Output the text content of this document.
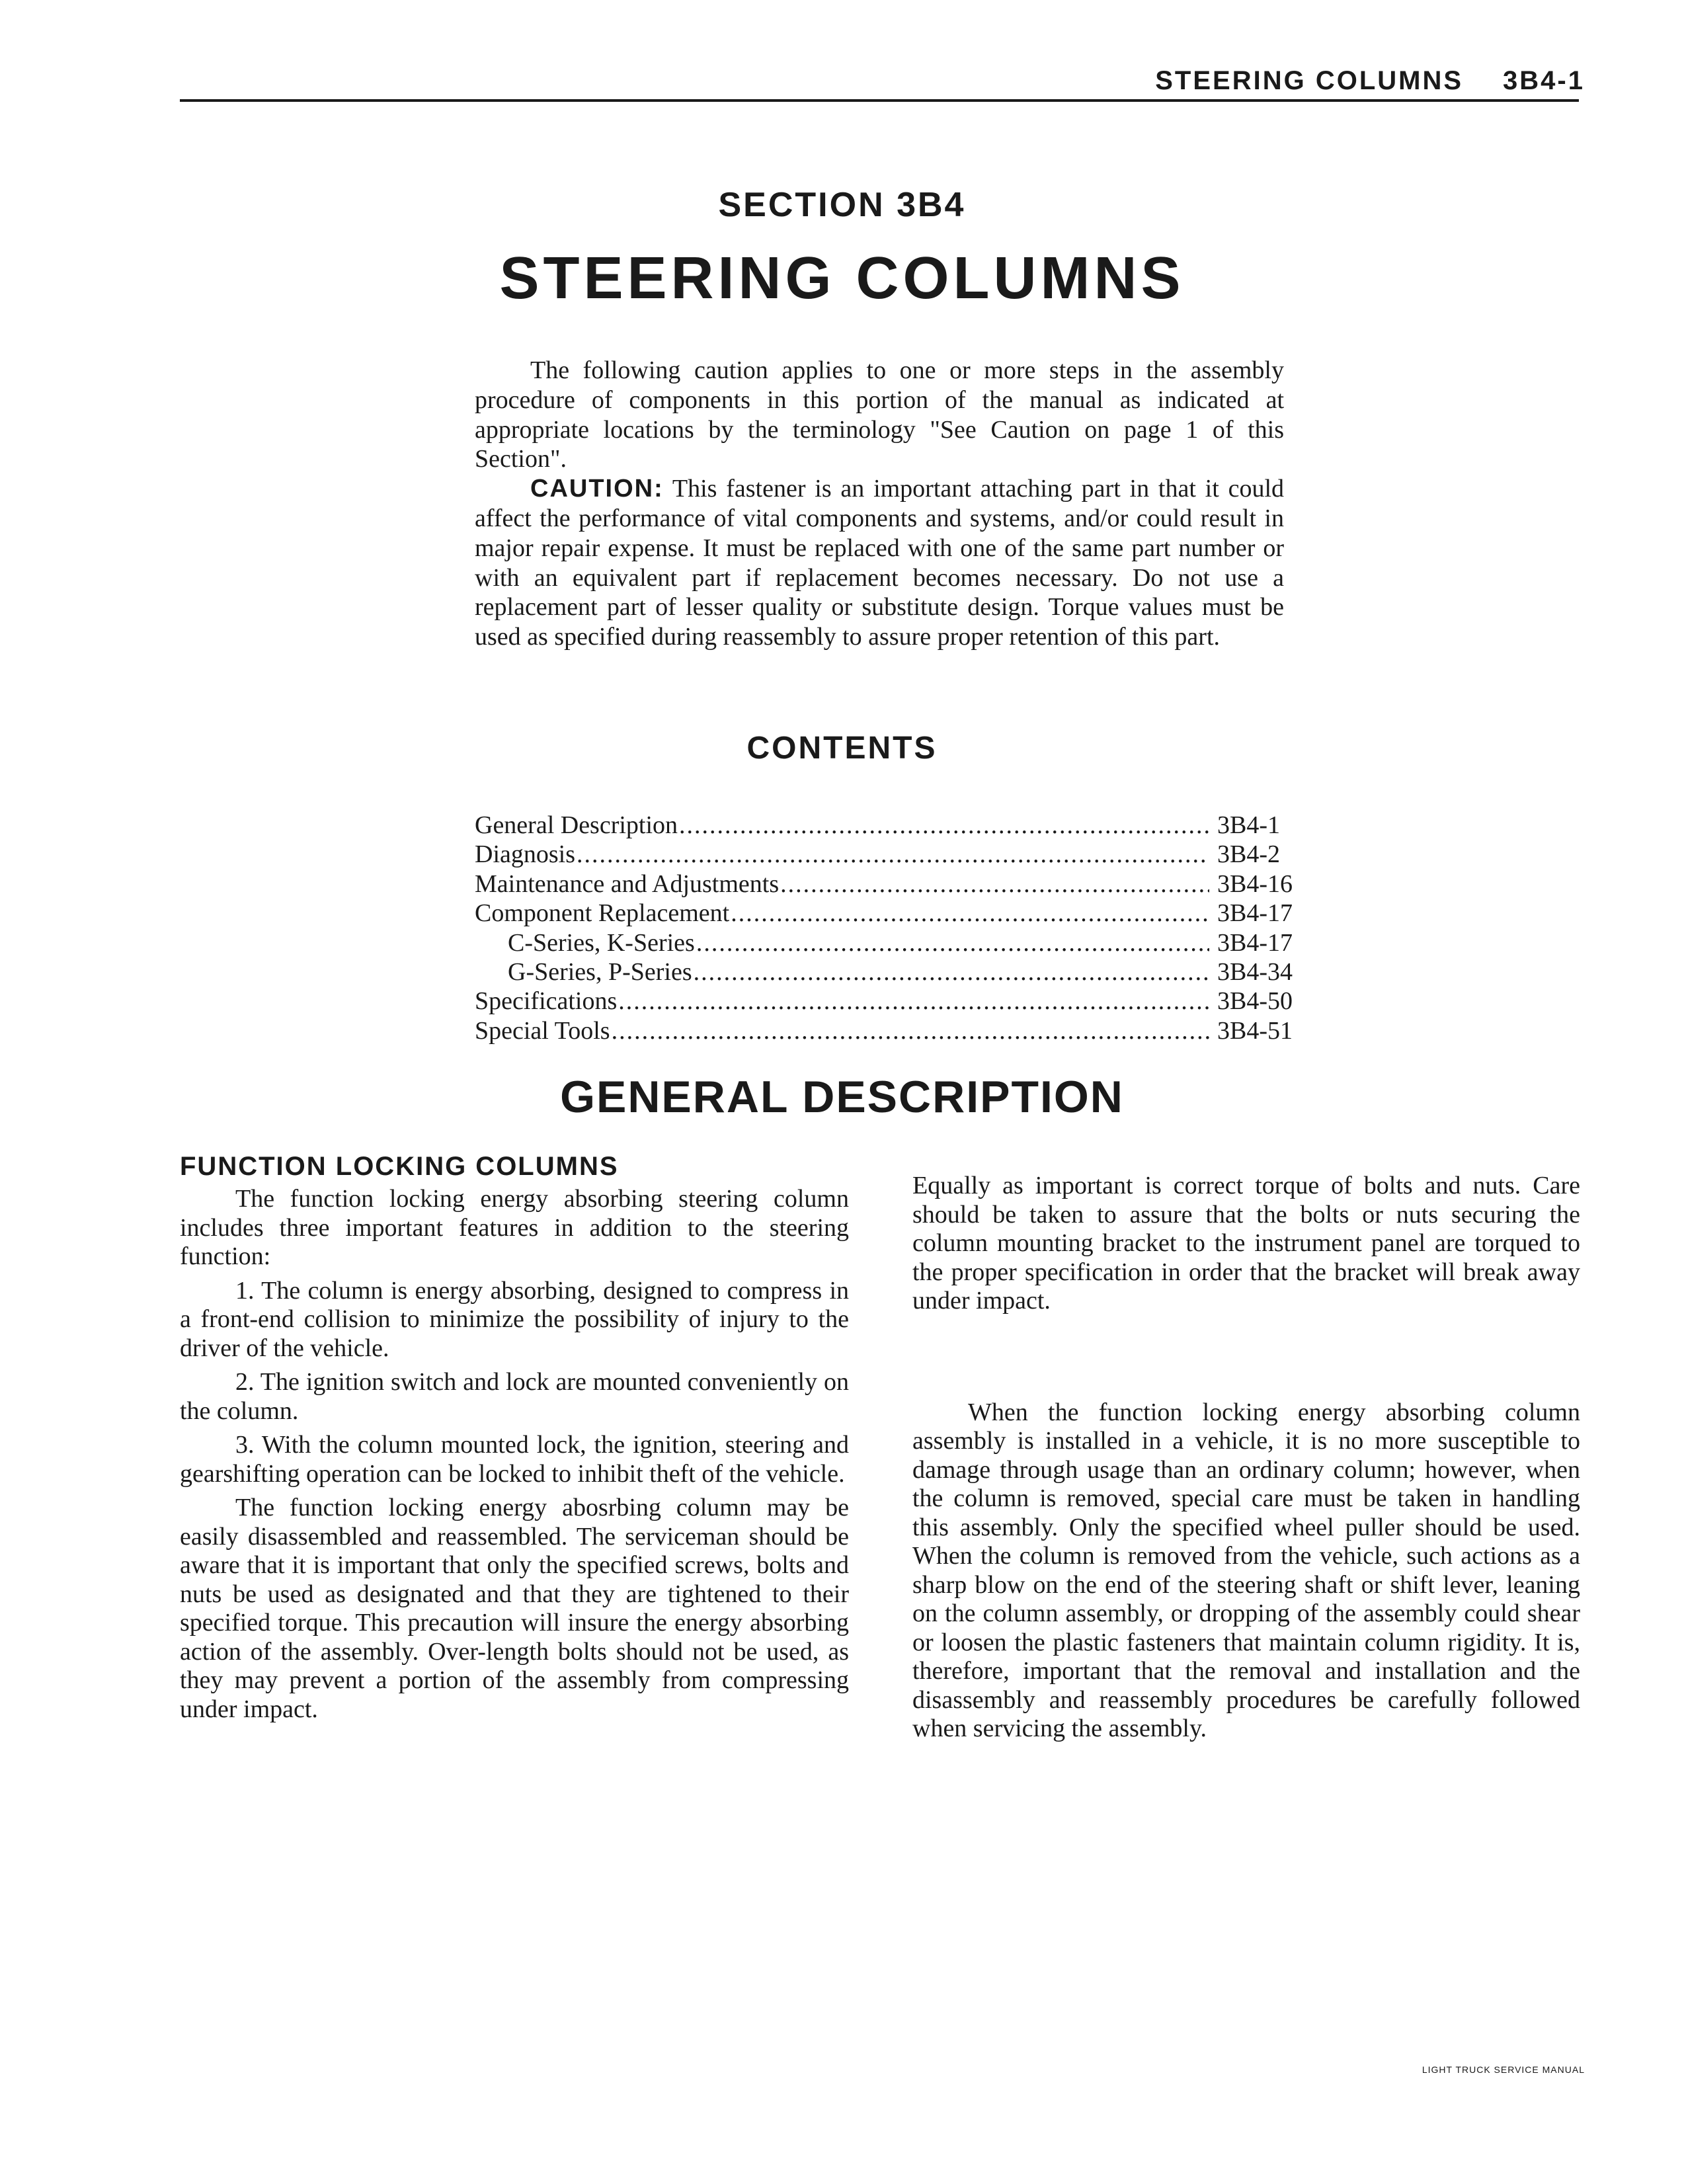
STEERING COLUMNS 3B4-1
SECTION 3B4
STEERING COLUMNS

The following caution applies to one or more steps in the assembly procedure of components in this portion of the manual as indicated at appropriate locations by the terminology "See Caution on page 1 of this Section".

CAUTION: This fastener is an important attaching part in that it could affect the performance of vital components and systems, and/or could result in major repair expense. It must be replaced with one of the same part number or with an equivalent part if replacement becomes necessary. Do not use a replacement part of lesser quality or substitute design. Torque values must be used as specified during reassembly to assure proper retention of this part.

CONTENTS
General Description .....	3B4-1
Diagnosis .....	3B4-2
Maintenance and Adjustments .....	3B4-16
Component Replacement .....	3B4-17
C-Series, K-Series .....	3B4-17
G-Series, P-Series .....	3B4-34
Specifications .....	3B4-50
Special Tools .....	3B4-51
GENERAL DESCRIPTION
FUNCTION LOCKING COLUMNS

The function locking energy absorbing steering column includes three important features in addition to the steering function:

1. The column is energy absorbing, designed to compress in a front-end collision to minimize the possibility of injury to the driver of the vehicle.

2. The ignition switch and lock are mounted conveniently on the column.

3. With the column mounted lock, the ignition, steering and gearshifting operation can be locked to inhibit theft of the vehicle.

The function locking energy abosrbing column may be easily disassembled and reassembled. The serviceman should be aware that it is important that only the specified screws, bolts and nuts be used as designated and that they are tightened to their specified torque. This precaution will insure the energy absorbing action of the assembly. Over-length bolts should not be used, as they may prevent a portion of the assembly from compressing under impact.

Equally as important is correct torque of bolts and nuts. Care should be taken to assure that the bolts or nuts securing the column mounting bracket to the instrument panel are torqued to the proper specification in order that the bracket will break away under impact.

When the function locking energy absorbing column assembly is installed in a vehicle, it is no more susceptible to damage through usage than an ordinary column; however, when the column is removed, special care must be taken in handling this assembly. Only the specified wheel puller should be used. When the column is removed from the vehicle, such actions as a sharp blow on the end of the steering shaft or shift lever, leaning on the column assembly, or dropping of the assembly could shear or loosen the plastic fasteners that maintain column rigidity. It is, therefore, important that the removal and installation and the disassembly and reassembly procedures be carefully followed when servicing the assembly.

LIGHT TRUCK SERVICE MANUAL
